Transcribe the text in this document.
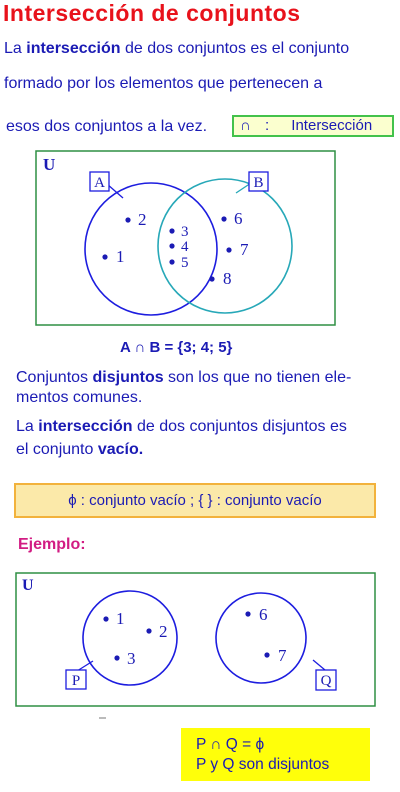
Intersección de conjuntos
La intersección de dos conjuntos es el conjunto
formado por los elementos que pertenecen a
esos dos conjuntos a la vez.	∩ : Intersección
U
A	B
2
1
3
4
5
6
7
8
U
P	Q
1
2
3
6
7
A ∩ B = {3; 4; 5}
Conjuntos disjuntos son los que no tienen ele-
mentos comunes.
La intersección de dos conjuntos disjuntos es
el conjunto vacío.
ϕ : conjunto vacío ; { } : conjunto vacío
Ejemplo:
P ∩ Q = ϕ
P y Q son disjuntos
